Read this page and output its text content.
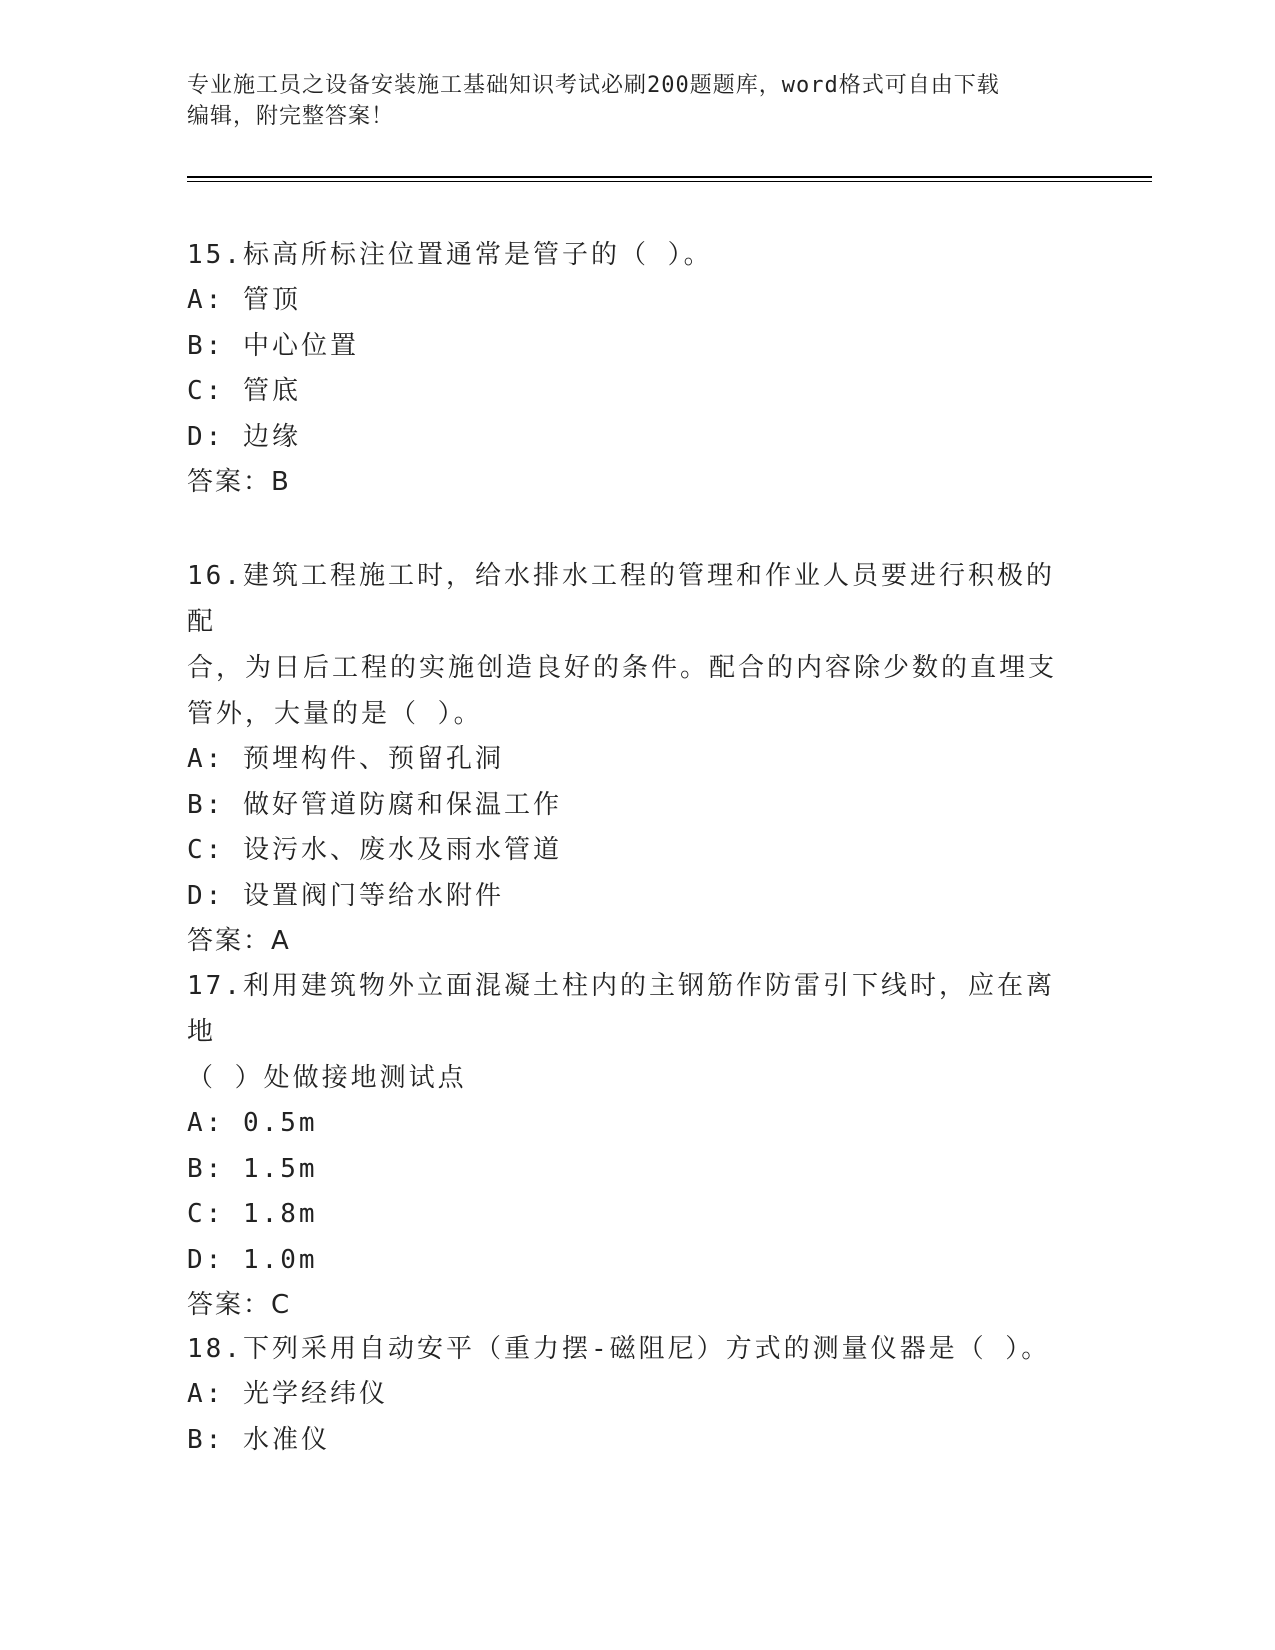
专业施工员之设备安装施工基础知识考试必刷200题题库，word格式可自由下载
编辑，附完整答案！

15.标高所标注位置通常是管子的（ ）。

A: 管顶

B: 中心位置

C: 管底

D: 边缘

答案：B

16.建筑工程施工时，给水排水工程的管理和作业人员要进行积极的配

合，为日后工程的实施创造良好的条件。配合的内容除少数的直埋支

管外，大量的是（ ）。

A: 预埋构件、预留孔洞

B: 做好管道防腐和保温工作

C: 设污水、废水及雨水管道

D: 设置阀门等给水附件

答案：A

17.利用建筑物外立面混凝土柱内的主钢筋作防雷引下线时，应在离地

（ ）处做接地测试点

A: 0.5m

B: 1.5m

C: 1.8m

D: 1.0m

答案：C

18.下列采用自动安平（重力摆-磁阻尼）方式的测量仪器是（ ）。

A: 光学经纬仪

B: 水准仪
